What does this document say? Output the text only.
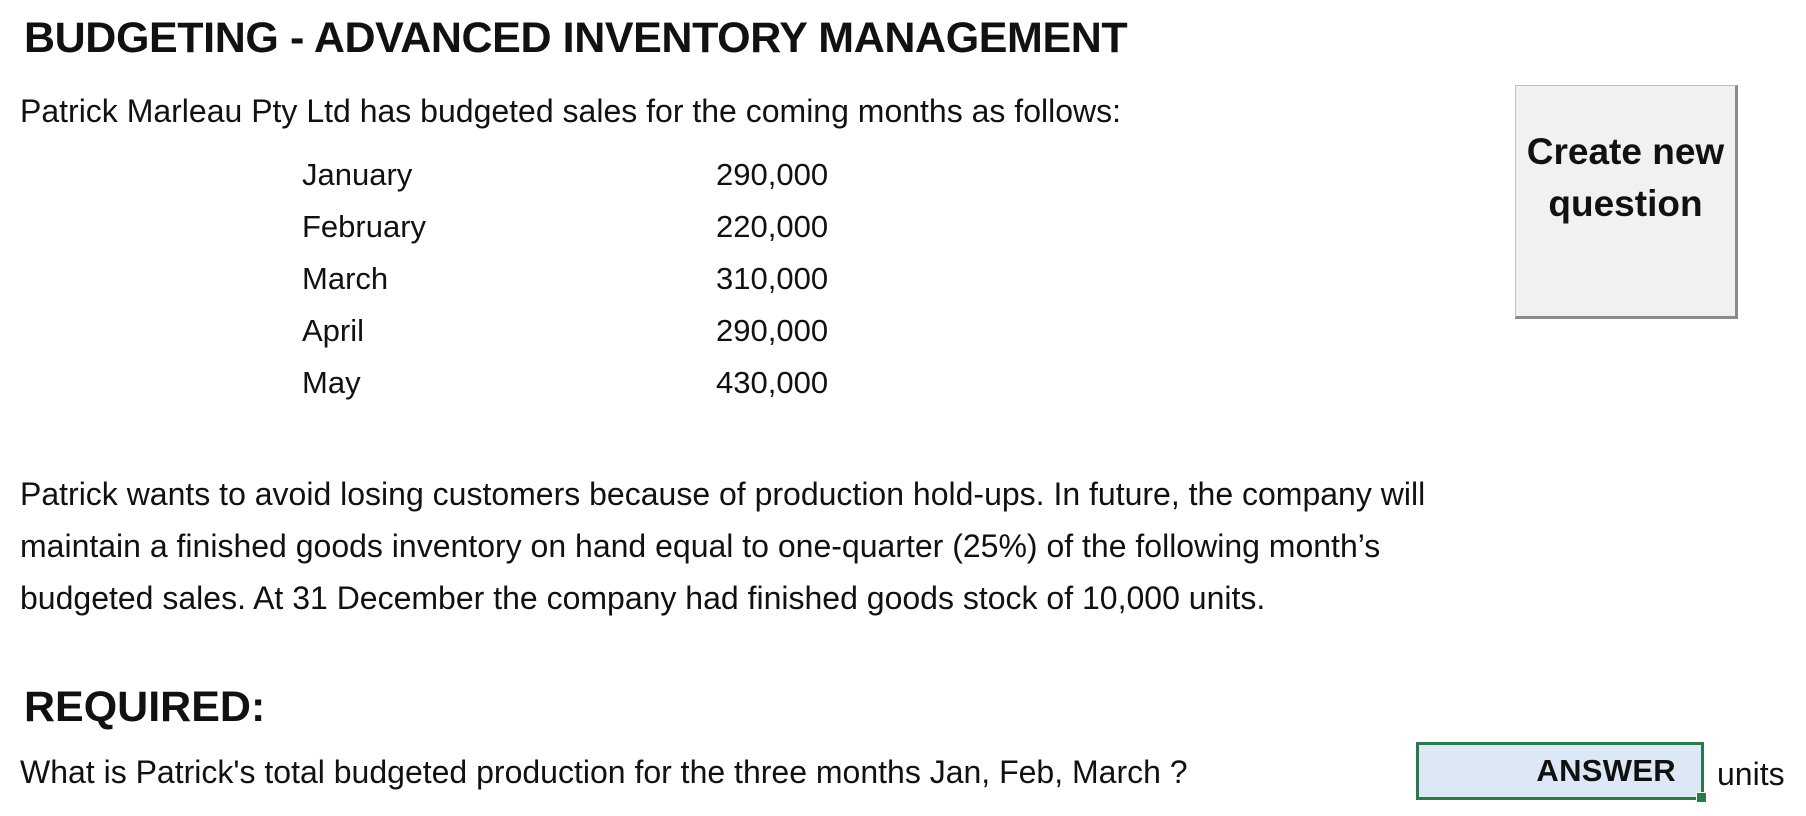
BUDGETING - ADVANCED INVENTORY MANAGEMENT
Patrick Marleau Pty Ltd has budgeted sales for the coming months as follows:
January	290,000
February	220,000
March	310,000
April	290,000
May	430,000
Patrick wants to avoid losing customers because of production hold-ups. In future, the company will
maintain a finished goods inventory on hand equal to one-quarter (25%) of the following month’s
budgeted sales. At 31 December the company had finished goods stock of 10,000 units.
REQUIRED:
What is Patrick's total budgeted production for the three months Jan, Feb, March ?
Create new
question
ANSWER units
